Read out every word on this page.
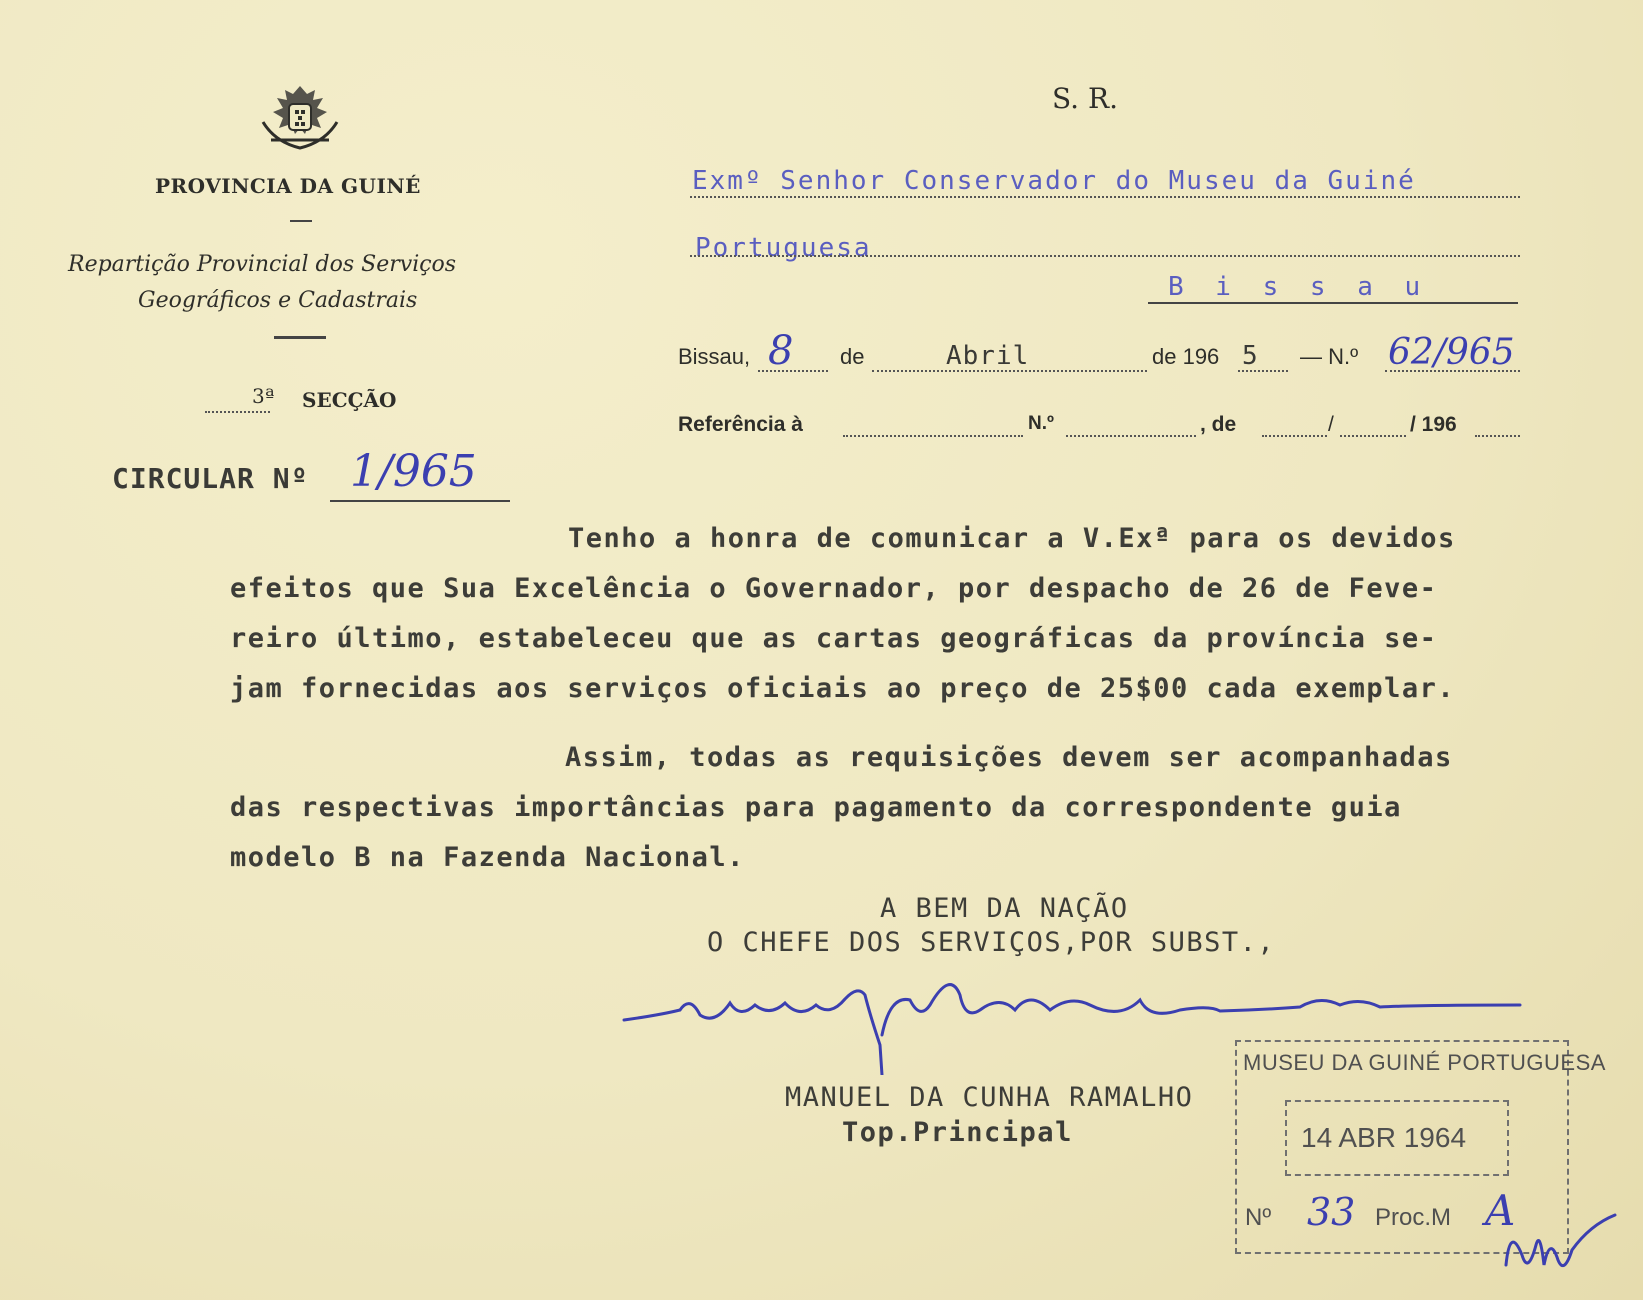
PROVINCIA DA GUINÉ
Repartição Provincial dos Serviços
Geográficos e Cadastrais
3ª SECÇÃO
CIRCULAR Nº 1/965
S. R.
Exmº Senhor Conservador do Museu da Guiné
Portuguesa
B i s s a u
Bissau, 8 de	Abril	de 196 5 — N.º 62/965
Referência à	N.º	, de	/	/ 196
Tenho a honra de comunicar a V.Exª para os devidos
efeitos que Sua Excelência o Governador, por despacho de 26 de Feve-
reiro último, estabeleceu que as cartas geográficas da província se-
jam fornecidas aos serviços oficiais ao preço de 25$00 cada exemplar.
Assim, todas as requisições devem ser acompanhadas
das respectivas importâncias para pagamento da correspondente guia
modelo B na Fazenda Nacional.
A BEM DA NAÇÃO
O CHEFE DOS SERVIÇOS,POR SUBST.,
MANUEL DA CUNHA RAMALHO
Top.Principal
MUSEU DA GUINÉ PORTUGUESA
14 ABR 1964
Nº 33 Proc.M A
